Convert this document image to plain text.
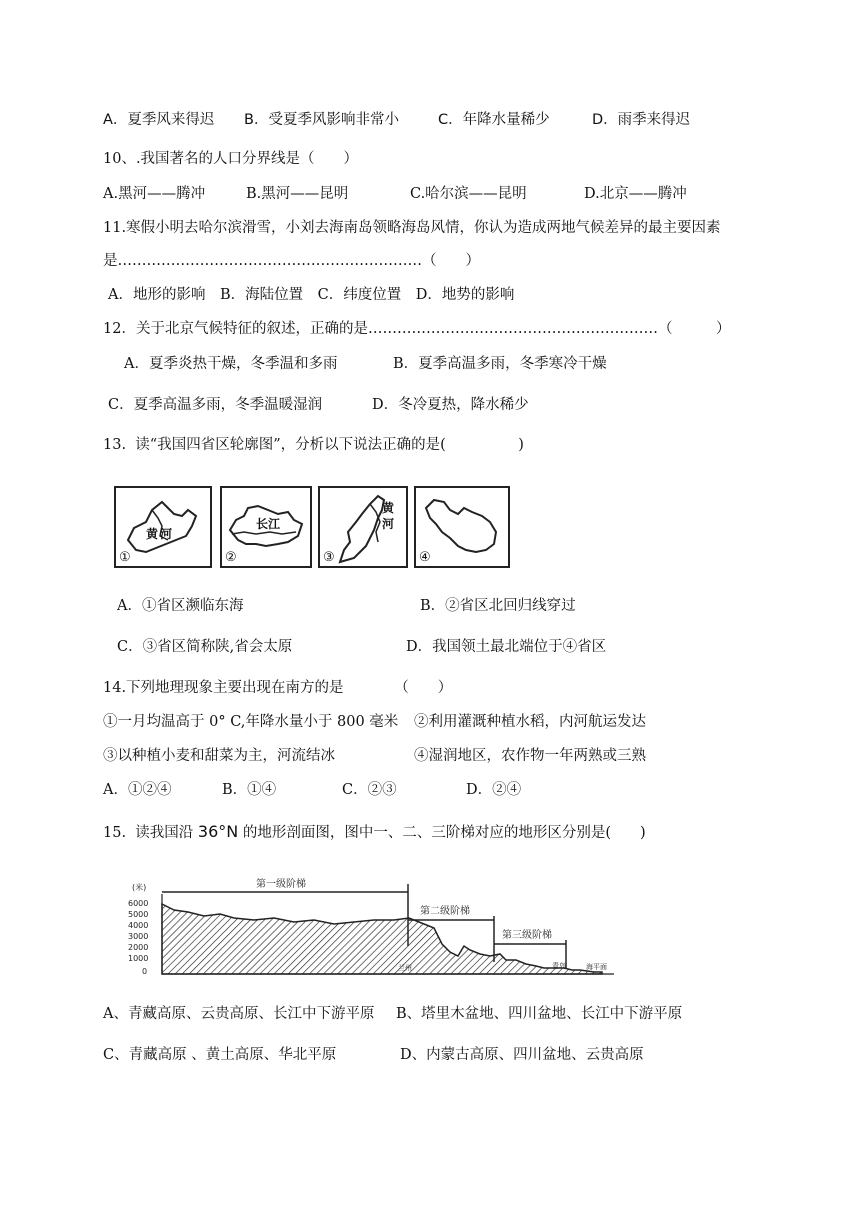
A．夏季风来得迟 B．受夏季风影响非常小	C．年降水量稀少	D．雨季来得迟
10、.我国著名的人口分界线是（　　）
A.黑河——腾冲	B.黑河——昆明	C.哈尔滨——昆明	D.北京——腾冲
11.寒假小明去哈尔滨滑雪，小刘去海南岛领略海岛风情，你认为造成两地气候差异的最主要因素
是………………………………………………………（　　）
A．地形的影响　B．海陆位置　C．纬度位置　D．地势的影响
12．关于北京气候特征的叙述，正确的是……………………………………………………（　　　）
A．夏季炎热干燥，冬季温和多雨	B．夏季高温多雨，冬季寒冷干燥
C．夏季高温多雨，冬季温暖湿润	D．冬冷夏热，降水稀少
13.  读“我国四省区轮廓图”，分析以下说法正确的是(　　　　　)
黄 河
①
长江
②
黄
河
③	④
A．①省区濒临东海	B．②省区北回归线穿过
C．③省区简称陕,省会太原	D．我国领土最北端位于④省区
14.下列地理现象主要出现在南方的是　　　　（　　）
①一月均温高于 0° C,年降水量小于 800 毫米 ②利用灌溉种植水稻，内河航运发达
③以种植小麦和甜菜为主，河流结冰	④湿润地区，农作物一年两熟或三熟
A．①②④	B．①④	C．②③	D．②④
15.  读我国沿 36°N 的地形剖面图，图中一、二、三阶梯对应的地形区分别是(　　)
(米)
6000
5000
4000
3000
2000
1000
0
第一级阶梯
第二级阶梯
第三级阶梯
兰州	青岛	海平面
A、青藏高原、云贵高原、长江中下游平原 B、塔里木盆地、四川盆地、长江中下游平原
C、青藏高原 、黄土高原、华北平原	D、内蒙古高原、四川盆地、云贵高原
